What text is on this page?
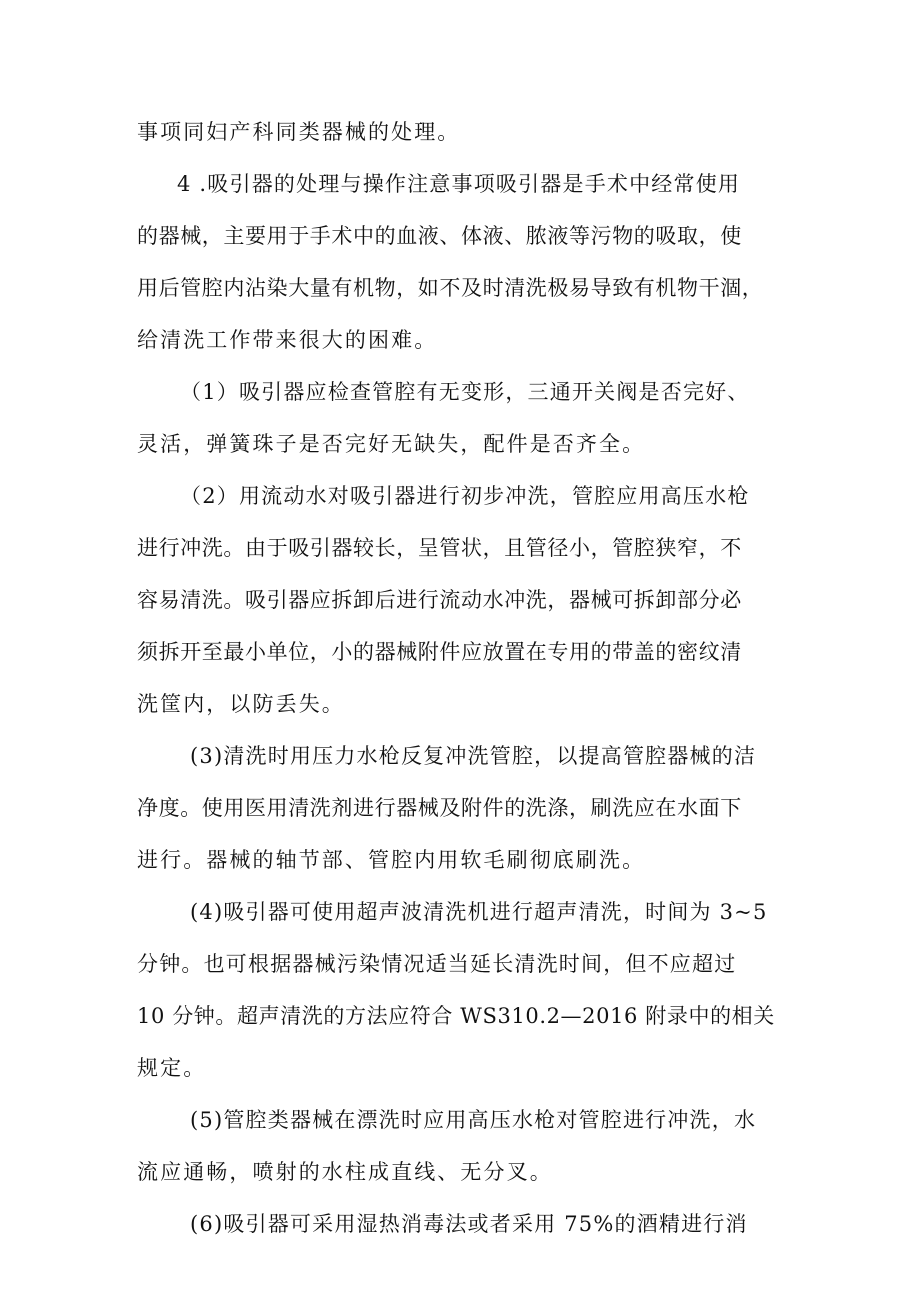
事项同妇产科同类器械的处理。
4 .吸引器的处理与操作注意事项吸引器是手术中经常使用
的器械，主要用于手术中的血液、体液、脓液等污物的吸取，使
用后管腔内沾染大量有机物，如不及时清洗极易导致有机物干涸，
给清洗工作带来很大的困难。
（1）吸引器应检查管腔有无变形，三通开关阀是否完好、
灵活，弹簧珠子是否完好无缺失，配件是否齐全。
（2）用流动水对吸引器进行初步冲洗，管腔应用高压水枪
进行冲洗。由于吸引器较长，呈管状，且管径小，管腔狭窄，不
容易清洗。吸引器应拆卸后进行流动水冲洗，器械可拆卸部分必
须拆开至最小单位，小的器械附件应放置在专用的带盖的密纹清
洗筐内，以防丢失。
(3)清洗时用压力水枪反复冲洗管腔，以提高管腔器械的洁
净度。使用医用清洗剂进行器械及附件的洗涤，刷洗应在水面下
进行。器械的轴节部、管腔内用软毛刷彻底刷洗。
(4)吸引器可使用超声波清洗机进行超声清洗，时间为 3~5
分钟。也可根据器械污染情况适当延长清洗时间，但不应超过
10 分钟。超声清洗的方法应符合 WS310.2—2016 附录中的相关
规定。
(5)管腔类器械在漂洗时应用高压水枪对管腔进行冲洗，水
流应通畅，喷射的水柱成直线、无分叉。
(6)吸引器可采用湿热消毒法或者采用 75%的酒精进行消
